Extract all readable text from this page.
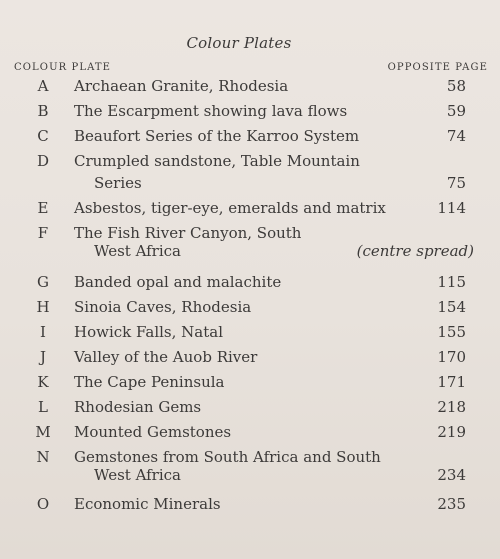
Colour Plates
COLOUR PLATE	OPPOSITE PAGE
A	Archaean Granite, Rhodesia	58
B	The Escarpment showing lava flows	59
C	Beaufort Series of the Karroo System	74
D	Crumpled sandstone, Table Mountain
Series	75
E	Asbestos, tiger-eye, emeralds and matrix	114
F	The Fish River Canyon, South
West Africa	(centre spread)
G	Banded opal and malachite	115
H Sinoia Caves, Rhodesia	154
I	Howick Falls, Natal	155
J	Valley of the Auob River	170
K	The Cape Peninsula	171
L	Rhodesian Gems	218
M Mounted Gemstones	219
N Gemstones from South Africa and South
West Africa	234
O	Economic Minerals	235
